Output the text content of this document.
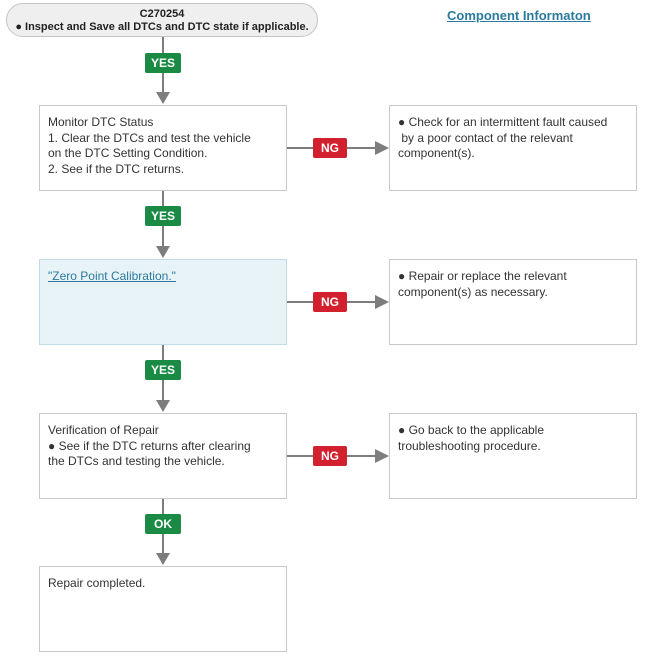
C270254
● Inspect and Save all DTCs and DTC state if applicable.
Component Informaton
YES
Monitor DTC Status
1. Clear the DTCs and test the vehicle
on the DTC Setting Condition.
2. See if the DTC returns.
NG
● Check for an intermittent fault caused
by a poor contact of the relevant
component(s).
YES
"Zero Point Calibration."
NG
● Repair or replace the relevant
component(s) as necessary.
YES
Verification of Repair
● See if the DTC returns after clearing
the DTCs and testing the vehicle.	NG
● Go back to the applicable
troubleshooting procedure.
OK
Repair completed.
